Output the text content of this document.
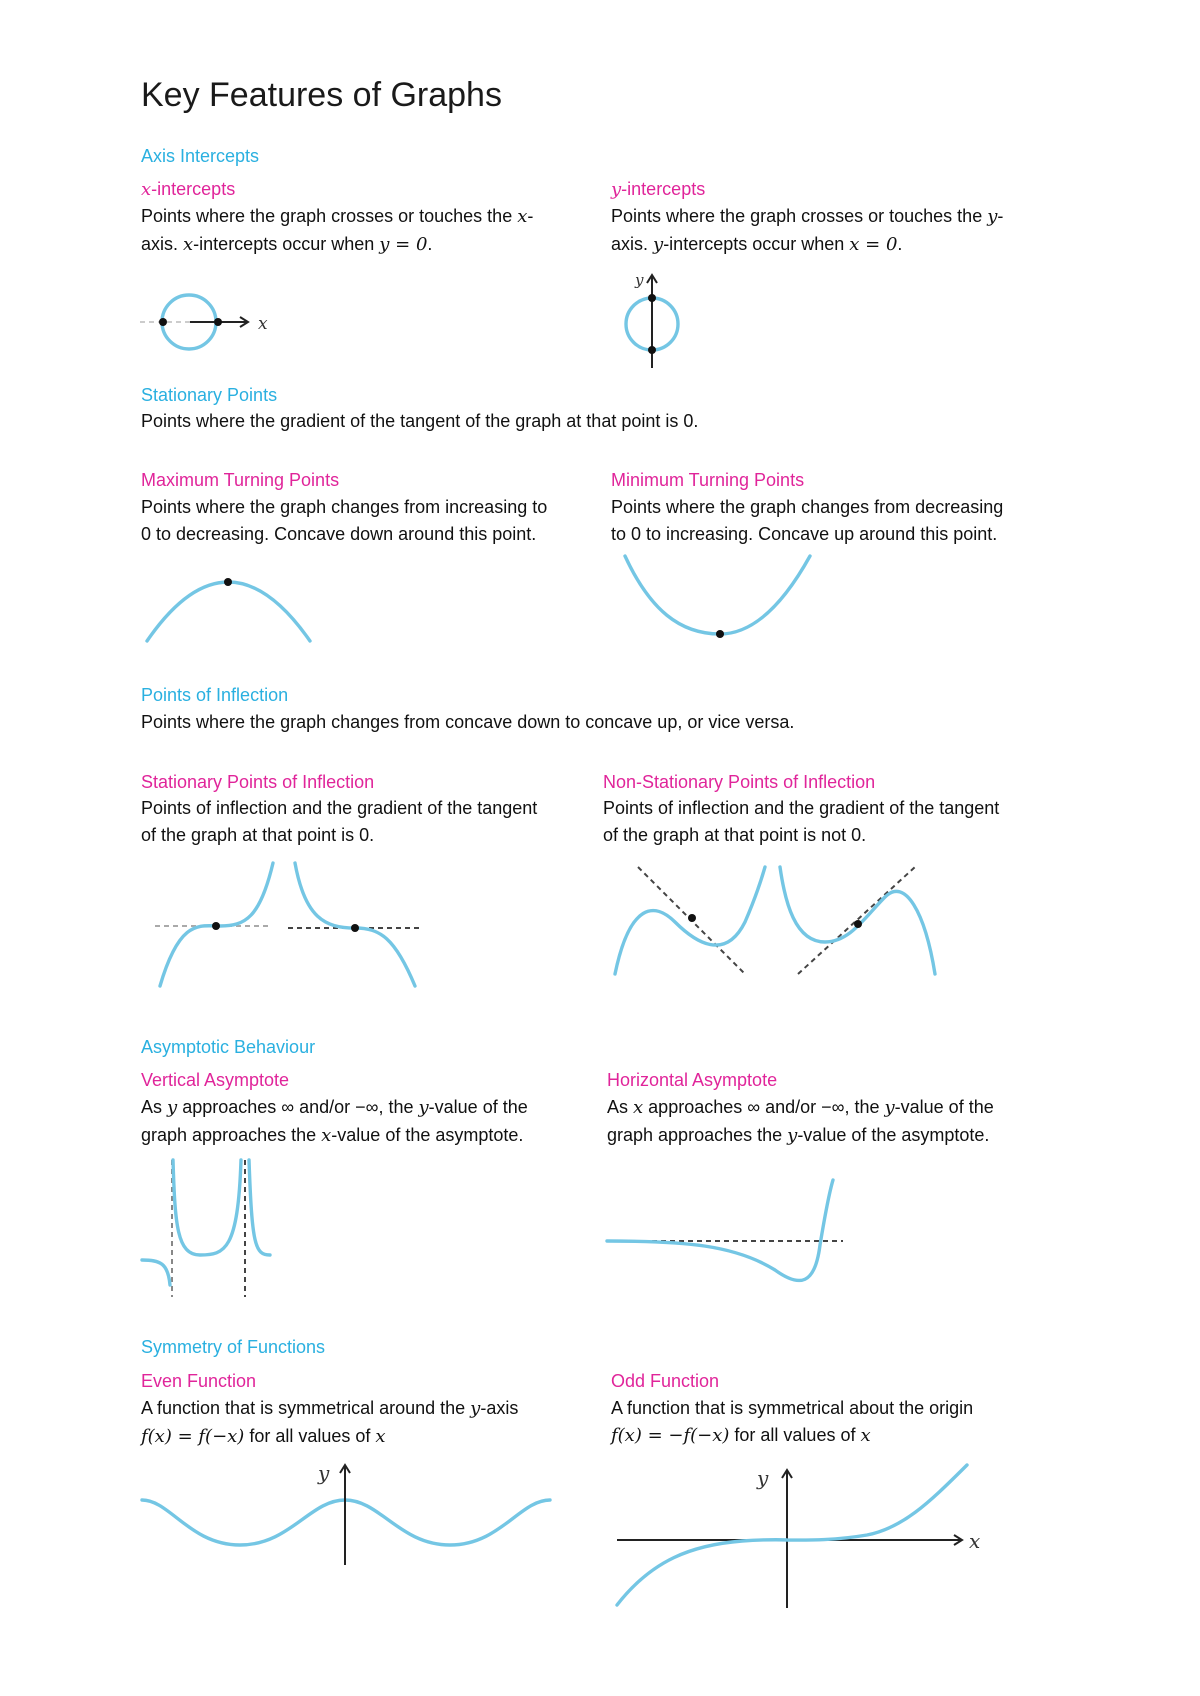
Key Features of Graphs
Axis Intercepts
x-intercepts
Points where the graph crosses or touches the x-
axis. x-intercepts occur when y = 0.
y-intercepts
Points where the graph crosses or touches the y-
axis. y-intercepts occur when x = 0.
x
y
Stationary Points
Points where the gradient of the tangent of the graph at that point is 0.
Maximum Turning Points
Points where the graph changes from increasing to
0 to decreasing. Concave down around this point.
Minimum Turning Points
Points where the graph changes from decreasing
to 0 to increasing. Concave up around this point.
Points of Inflection
Points where the graph changes from concave down to concave up, or vice versa.
Stationary Points of Inflection
Points of inflection and the gradient of the tangent
of the graph at that point is 0.
Non-Stationary Points of Inflection
Points of inflection and the gradient of the tangent
of the graph at that point is not 0.
Asymptotic Behaviour
Vertical Asymptote
As y approaches ∞ and/or −∞, the y-value of the
graph approaches the x-value of the asymptote.
Horizontal Asymptote
As x approaches ∞ and/or −∞, the y-value of the
graph approaches the y-value of the asymptote.
Symmetry of Functions
Even Function
A function that is symmetrical around the y-axis
f(x) = f(−x) for all values of x
Odd Function
A function that is symmetrical about the origin
f(x) = −f(−x) for all values of x
y	y
x
